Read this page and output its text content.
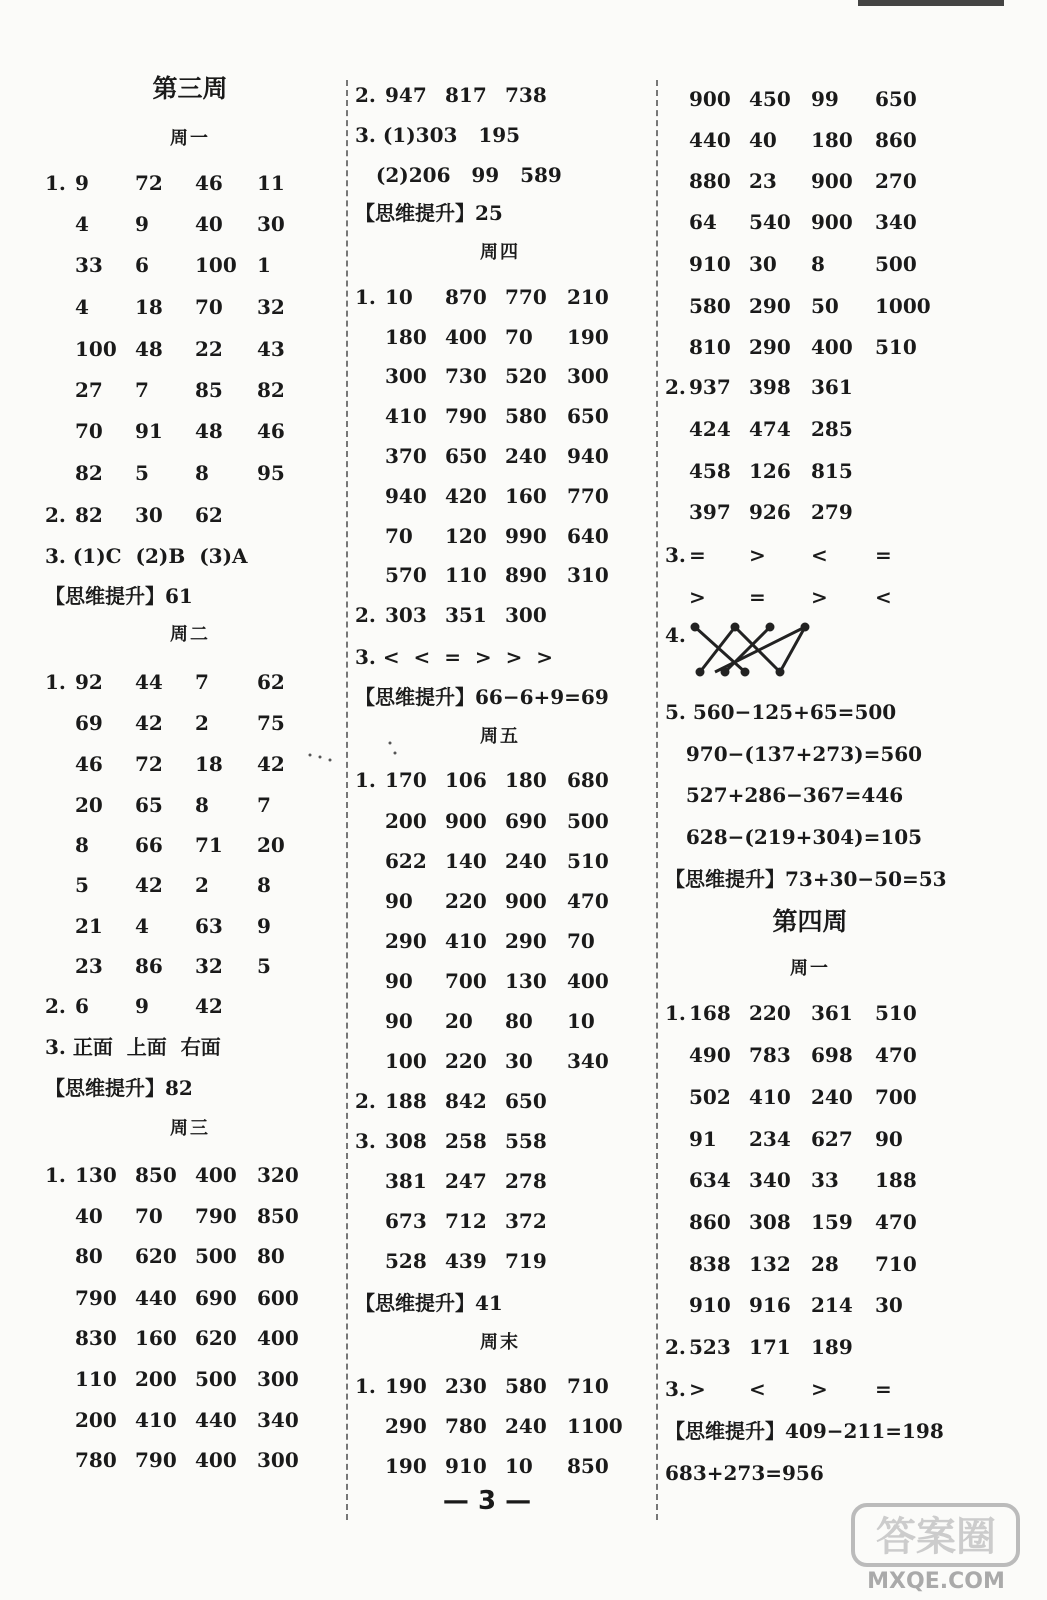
第三周
周一
1. 9 72 46 11
4 9 40 30
33 6 100 1
4 18 70 32
100 48 22 43
27 7 85 82
70 91 48 46
82 5 8 95
2. 82 30 62
3. (1)C  (2)B  (3)A
【思维提升】61
周二
1. 92 44 7 62
69 42 2 75
46 72 18 42
20 65 8 7
8 66 71 20
5 42 2 8
21 4 63 9
23 86 32 5
2. 6 9 42
3. 正面  上面  右面
【思维提升】82
周三
1. 130 850 400 320
40 70 790 850
80 620 500 80
790 440 690 600
830 160 620 400
110 200 500 300
200 410 440 340
780 790 400 300
2. 947 817 738
3. (1)303   195
(2)206   99   589
【思维提升】25
周四
1. 10 870 770 210
180 400 70 190
300 730 520 300
410 790 580 650
370 650 240 940
940 420 160 770
70 120 990 640
570 110 890 310
2. 303 351 300
3. <  <  =  >  >  >
【思维提升】66−6+9=69
周五
1. 170 106 180 680
200 900 690 500
622 140 240 510
90 220 900 470
290 410 290 70
90 700 130 400
90 20 80 10
100 220 30 340
2. 188 842 650
3. 308 258 558
381 247 278
673 712 372
528 439 719
【思维提升】41
周末
1. 190 230 580 710
290 780 240 1100
190 910 10 850
900 450 99 650
440 40 180 860
880 23 900 270
64 540 900 340
910 30 8	500
580 290 50 1000
810 290 400 510
2. 937 398 361
424 474 285
458 126 815
397 926 279
3. = > < =
> = > <
4.
5. 560−125+65=500
970−(137+273)=560
527+286−367=446
628−(219+304)=105
【思维提升】73+30−50=53
第四周
周一
1. 168 220 361 510
490 783 698 470
502 410 240 700
91 234 627 90
634 340 33 188
860 308 159 470
838 132 28 710
910 916 214 30
2. 523 171 189
3. > < > =
【思维提升】409−211=198
683+273=956
— 3 —
答案圈
MXQE.COM
